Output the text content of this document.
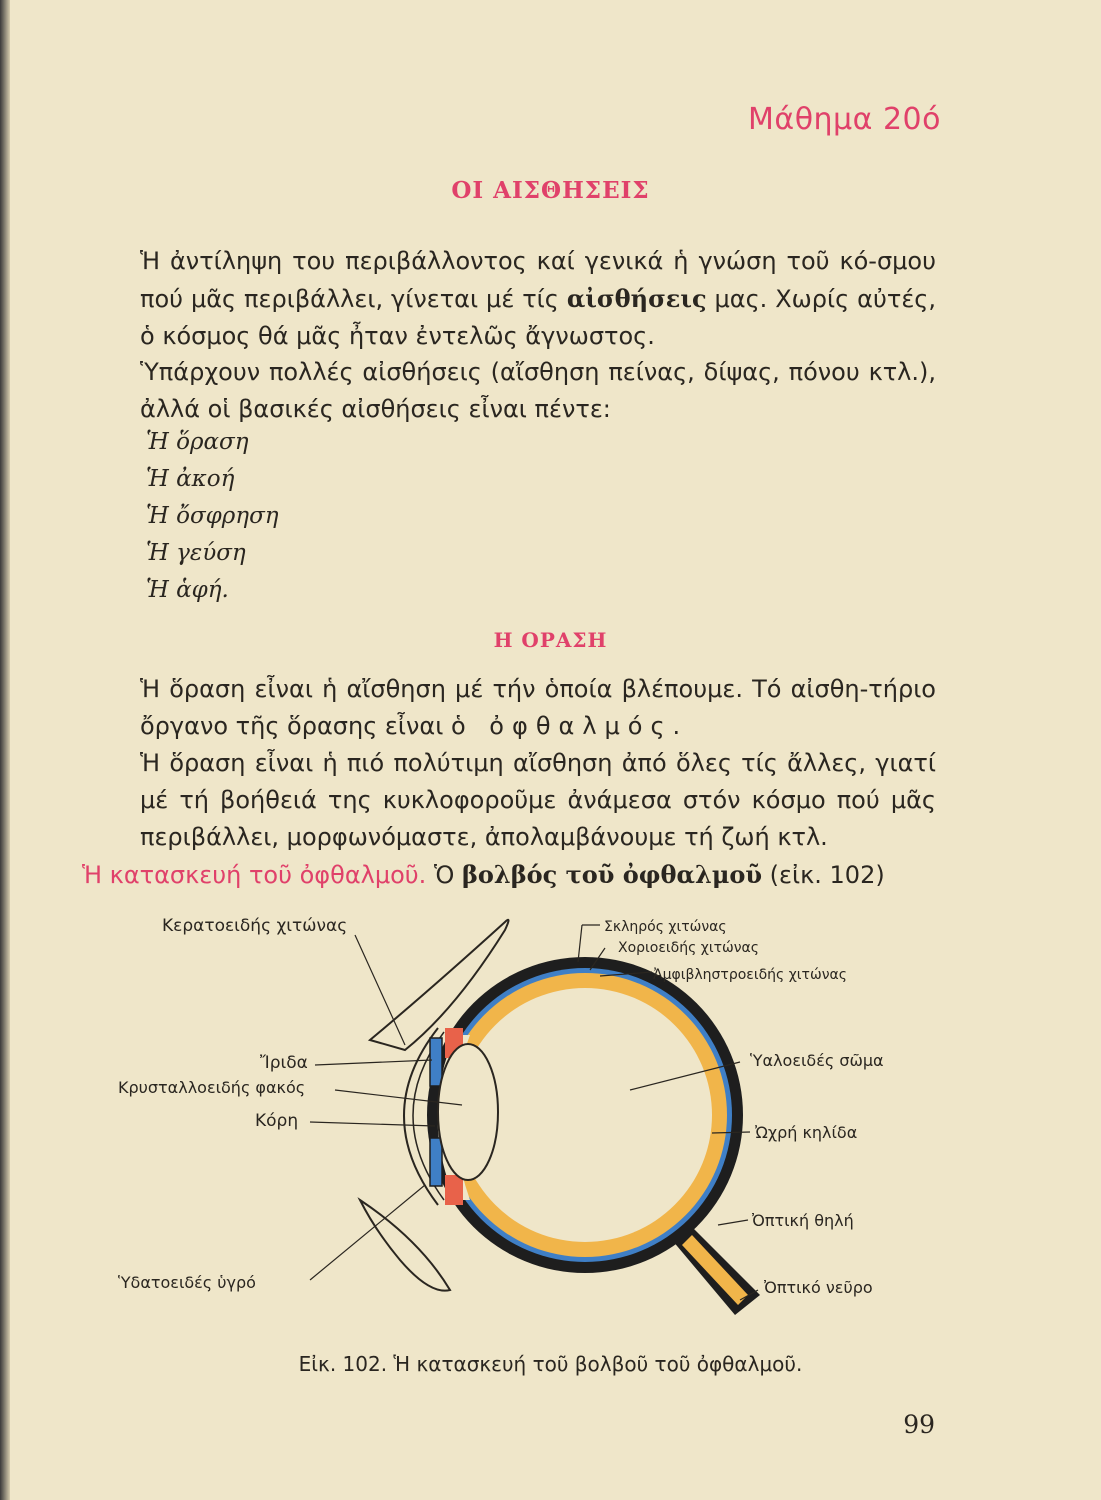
Μάθημα 20ό
ΟΙ ΑΙΣΘΗΣΕΙΣ
Ἡ ἀντίληψη του περιβάλλοντος καί γενικά ἡ γνώση τοῦ κό-σμου πού μᾶς περιβάλλει, γίνεται μέ τίς αἰσθήσεις μας. Χωρίς αὐτές, ὁ κόσμος θά μᾶς ἦταν ἐντελῶς ἄγνωστος.
Ὑπάρχουν πολλές αἰσθήσεις (αἴσθηση πείνας, δίψας, πόνου κτλ.), ἀλλά οἱ βασικές αἰσθήσεις εἶναι πέντε:
Ἡ ὅραση
Ἡ ἀκοή
Ἡ ὄσφρηση
Ἡ γεύση
Ἡ ἁφή.
Η ΟΡΑΣΗ
Ἡ ὅραση εἶναι ἡ αἴσθηση μέ τήν ὁποία βλέπουμε. Τό αἰσθη-τήριο ὄργανο τῆς ὅρασης εἶναι ὁ ὀφθαλμός.
Ἡ ὅραση εἶναι ἡ πιό πολύτιμη αἴσθηση ἀπό ὅλες τίς ἄλλες, γιατί μέ τή βοήθειά της κυκλοφοροῦμε ἀνάμεσα στόν κόσμο πού μᾶς περιβάλλει, μορφωνόμαστε, ἀπολαμβάνουμε τή ζωή κτλ.
Ἡ κατασκευή τοῦ ὀφθαλμοῦ. Ὁ βολβός τοῦ ὀφθαλμοῦ (εἰκ. 102)
Κερατοειδής χιτώνας	Σκληρός χιτώνας
Χοριοειδής χιτώνας
Ἀμφιβληστροειδής χιτώνας
Ἴριδα
Κρυσταλλοειδής φακός
Κόρη
Ὑαλοειδές σῶμα
Ὠχρή κηλίδα
Ὀπτική θηλή
Ὀπτικό νεῦρο
Ὑδατοειδές ὑγρό
Εἰκ. 102. Ἡ κατασκευή τοῦ βολβοῦ τοῦ ὀφθαλμοῦ.
99
